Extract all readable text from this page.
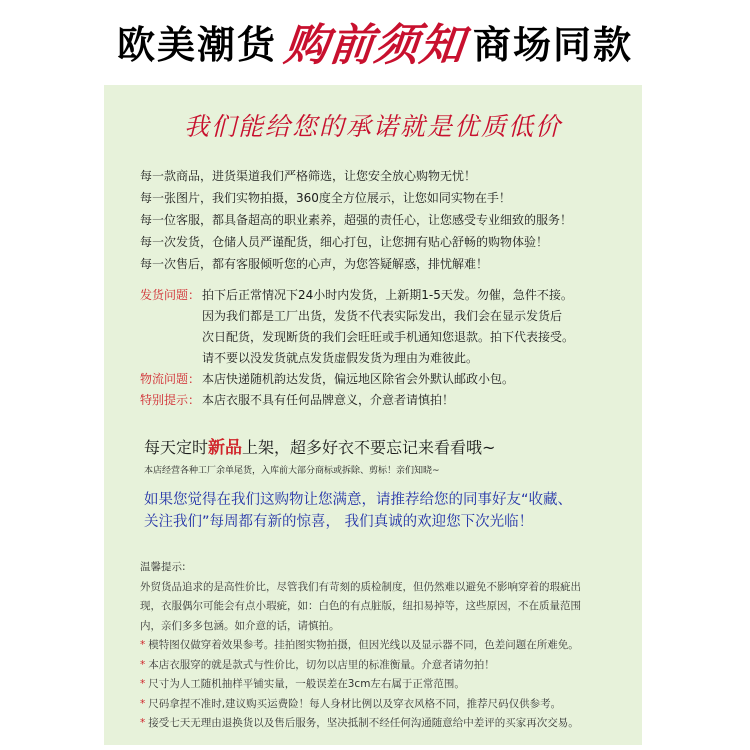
欧美潮货 购前须知 商场同款
我们能给您的承诺就是优质低价
每一款商品，进货渠道我们严格筛选，让您安全放心购物无忧！
每一张图片，我们实物拍摄，360度全方位展示，让您如同实物在手！
每一位客服，都具备超高的职业素养，超强的责任心，让您感受专业细致的服务！
每一次发货，仓储人员严谨配货，细心打包，让您拥有贴心舒畅的购物体验！
每一次售后，都有客服倾听您的心声，为您答疑解惑，排忧解难！
发货问题： 拍下后正常情况下24小时内发货，上新期1-5天发。勿催，急件不接。
因为我们都是工厂出货，发货不代表实际发出，我们会在显示发货后
次日配货，发现断货的我们会旺旺或手机通知您退款。拍下代表接受。
请不要以没发货就点发货虚假发货为理由为难彼此。
物流问题： 本店快递随机韵达发货，偏远地区除省会外默认邮政小包。
特别提示： 本店衣服不具有任何品牌意义，介意者请慎拍！
每天定时新品上架，超多好衣不要忘记来看看哦~
本店经营各种工厂余单尾货，入库前大部分商标或拆除、剪标！亲们知晓~
如果您觉得在我们这购物让您满意，请推荐给您的同事好友“收藏、
关注我们”每周都有新的惊喜， 我们真诚的欢迎您下次光临！
温馨提示:
外贸货品追求的是高性价比，尽管我们有苛刻的质检制度，但仍然难以避免不影响穿着的瑕疵出
现，衣服偶尔可能会有点小瑕疵，如：白色的有点脏版，纽扣易掉等，这些原因，不在质量范围
内，亲们多多包涵。如介意的话，请慎拍。
* 模特图仅做穿着效果参考。挂拍图实物拍摄，但因光线以及显示器不同，色差问题在所难免。
* 本店衣服穿的就是款式与性价比，切勿以店里的标准衡量。介意者请勿拍！
* 尺寸为人工随机抽样平铺实量，一般误差在3cm左右属于正常范围。
* 尺码拿捏不准时,建议购买运费险！每人身材比例以及穿衣风格不同，推荐尺码仅供参考。
* 接受七天无理由退换货以及售后服务，坚决抵制不经任何沟通随意给中差评的买家再次交易。
